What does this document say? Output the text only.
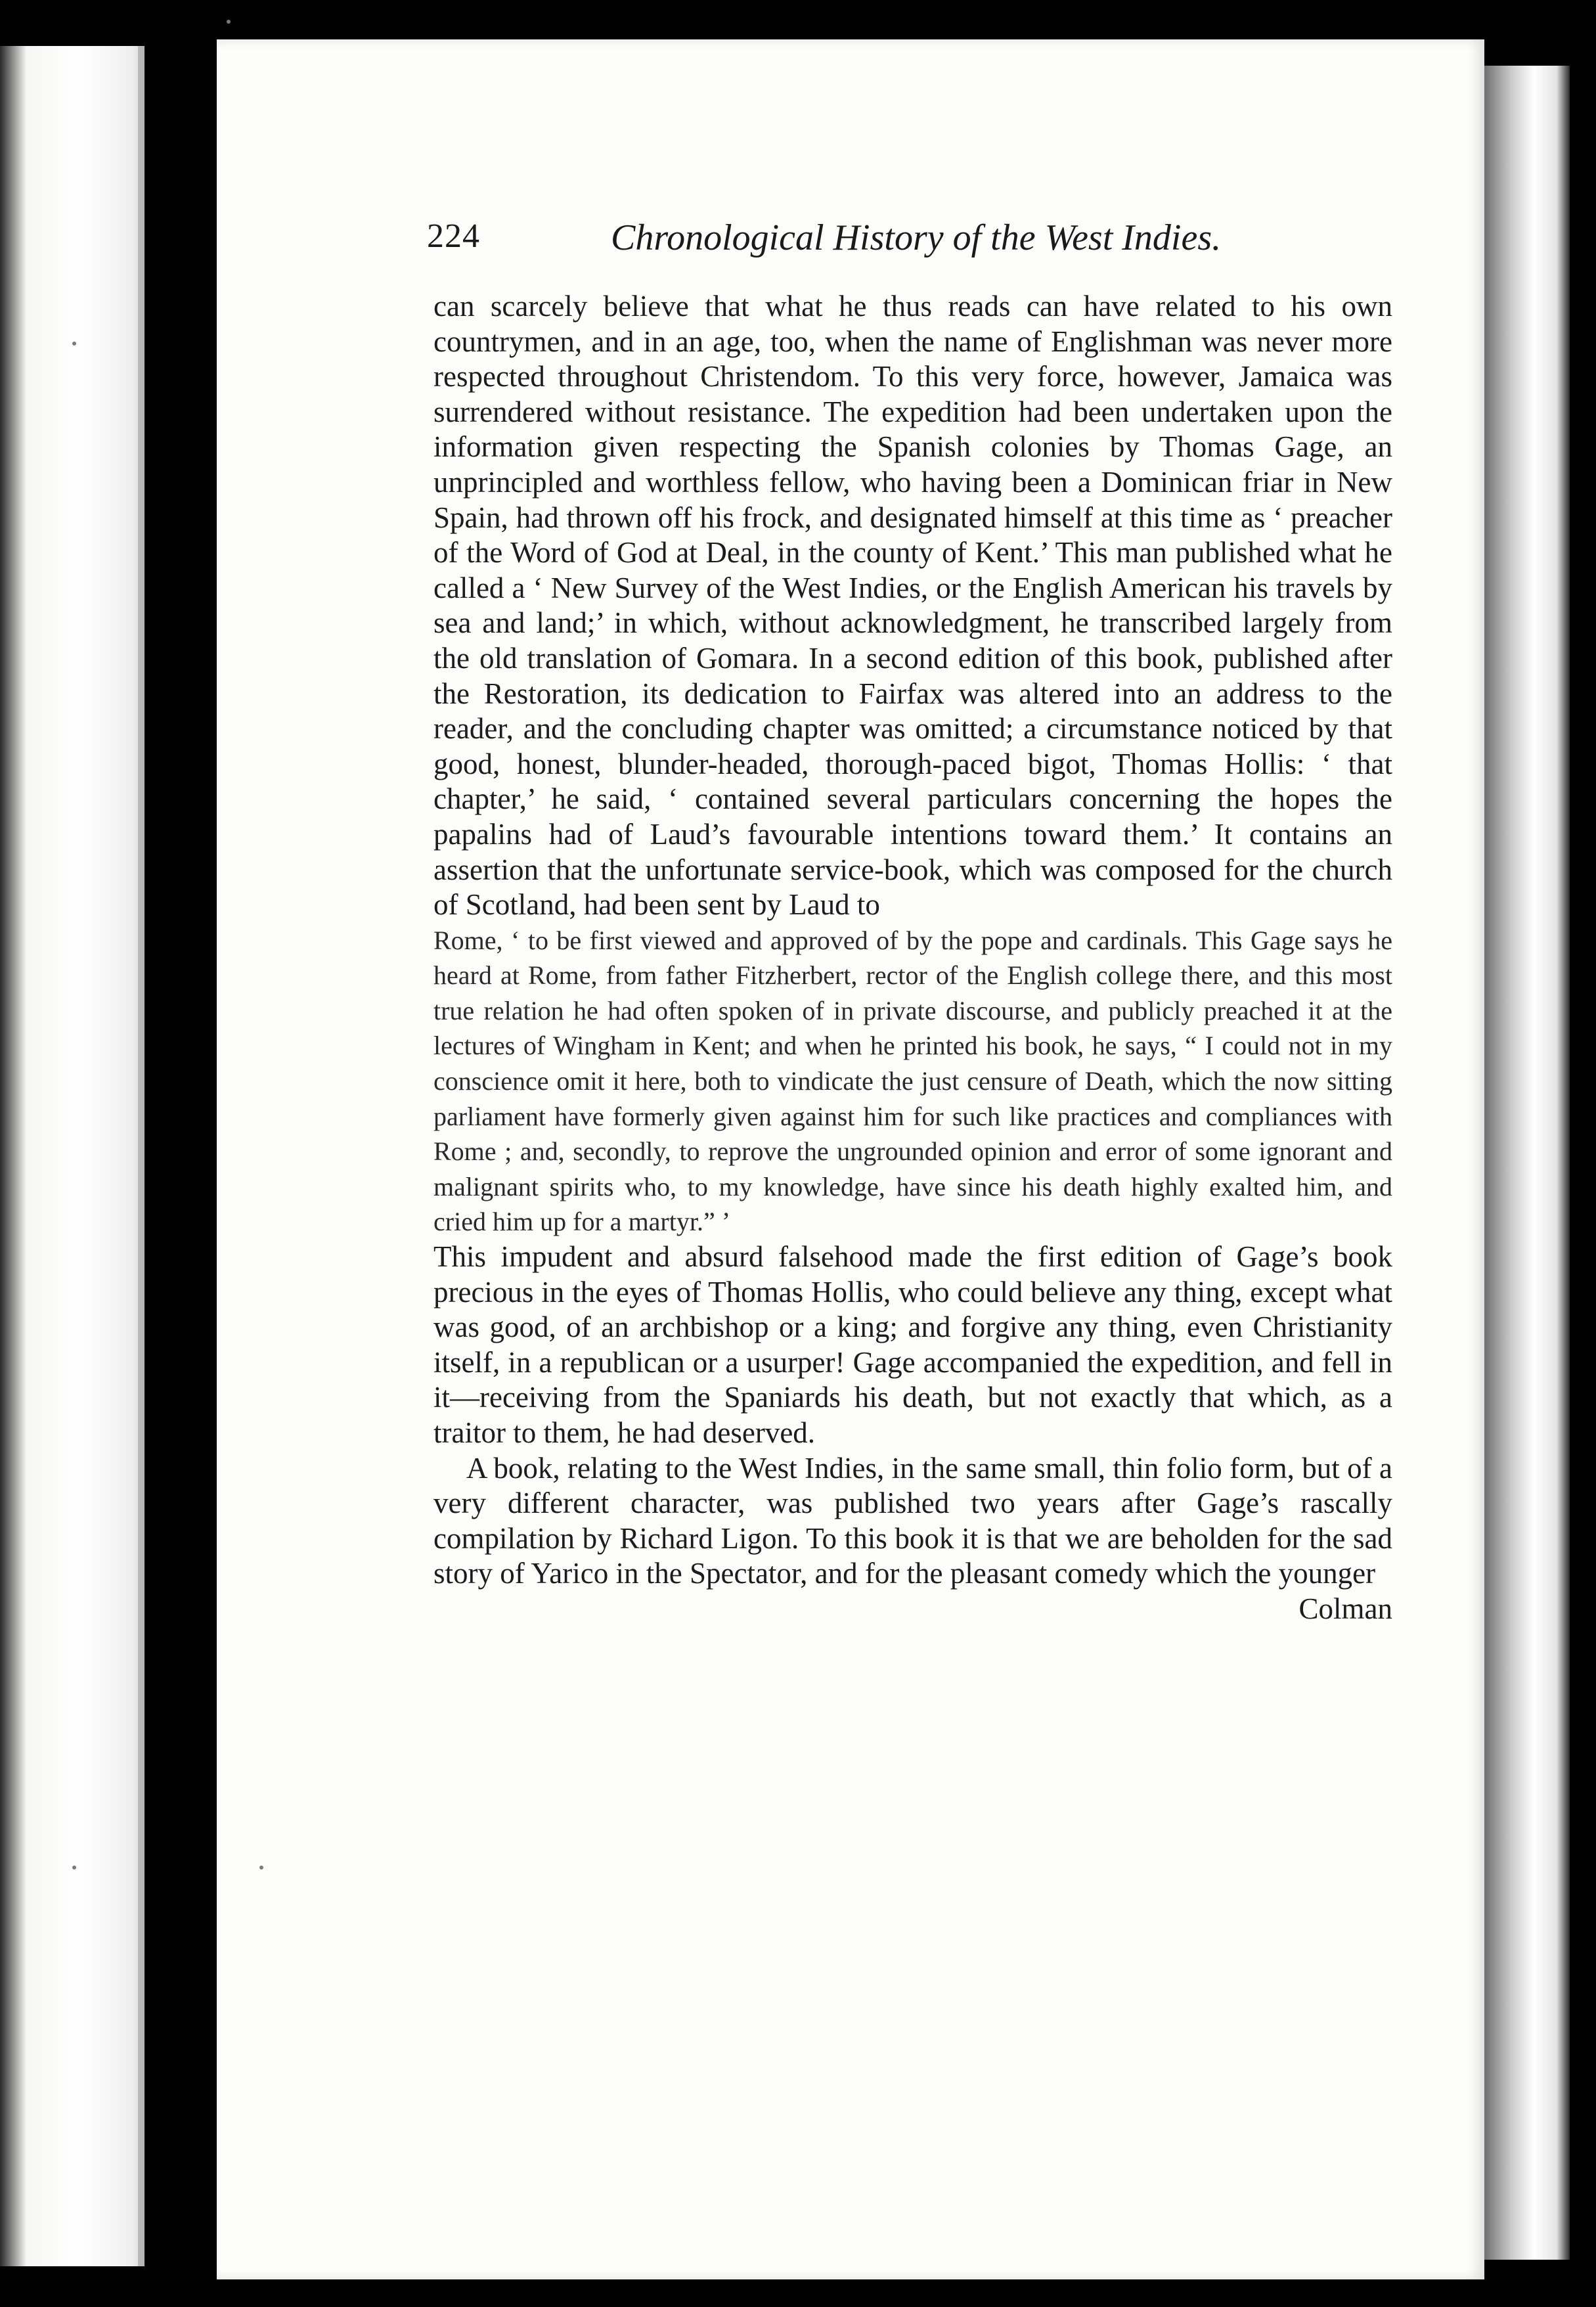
224	Chronological History of the West Indies.

can scarcely believe that what he thus reads can have related to his own countrymen, and in an age, too, when the name of Englishman was never more respected throughout Christendom. To this very force, however, Jamaica was surrendered without resistance. The expedition had been undertaken upon the information given respecting the Spanish colonies by Thomas Gage, an unprincipled and worthless fellow, who having been a Dominican friar in New Spain, had thrown off his frock, and designated himself at this time as ‘ preacher of the Word of God at Deal, in the county of Kent.’ This man published what he called a ‘ New Survey of the West Indies, or the English American his travels by sea and land;’ in which, without acknowledgment, he transcribed largely from the old translation of Gomara. In a second edition of this book, published after the Restoration, its dedication to Fairfax was altered into an address to the reader, and the concluding chapter was omitted; a circumstance noticed by that good, honest, blunder-headed, thorough-paced bigot, Thomas Hollis: ‘ that chapter,’ he said, ‘ contained several particulars concerning the hopes the papalins had of Laud’s favourable intentions toward them.’ It contains an assertion that the unfortunate service-book, which was composed for the church of Scotland, had been sent by Laud to

Rome, ‘ to be first viewed and approved of by the pope and cardinals. This Gage says he heard at Rome, from father Fitzherbert, rector of the English college there, and this most true relation he had often spoken of in private discourse, and publicly preached it at the lectures of Wingham in Kent; and when he printed his book, he says, “ I could not in my conscience omit it here, both to vindicate the just censure of Death, which the now sitting parliament have formerly given against him for such like practices and compliances with Rome ; and, secondly, to reprove the ungrounded opinion and error of some ignorant and malignant spirits who, to my knowledge, have since his death highly exalted him, and cried him up for a martyr.” ’

This impudent and absurd falsehood made the first edition of Gage’s book precious in the eyes of Thomas Hollis, who could believe any thing, except what was good, of an archbishop or a king; and forgive any thing, even Christianity itself, in a republican or a usurper! Gage accompanied the expedition, and fell in it—receiving from the Spaniards his death, but not exactly that which, as a traitor to them, he had deserved.

A book, relating to the West Indies, in the same small, thin folio form, but of a very different character, was published two years after Gage’s rascally compilation by Richard Ligon. To this book it is that we are beholden for the sad story of Yarico in the Spectator, and for the pleasant comedy which the younger

Colman
